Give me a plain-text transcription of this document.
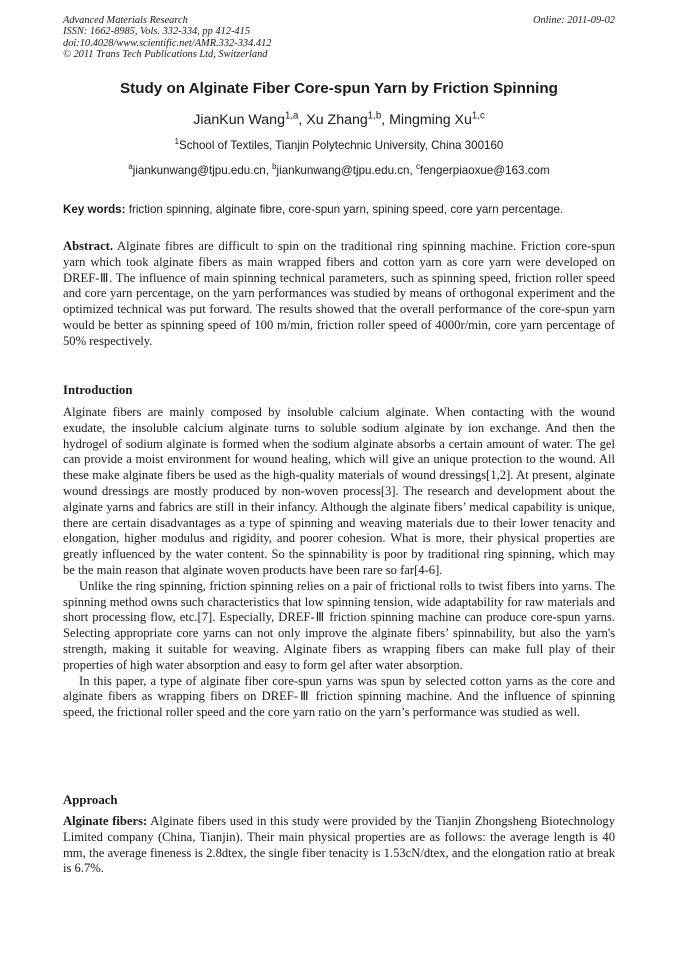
Advanced Materials Research
ISSN: 1662-8985, Vols. 332-334, pp 412-415
doi:10.4028/www.scientific.net/AMR.332-334.412
© 2011 Trans Tech Publications Ltd, Switzerland
Online: 2011-09-02
Study on Alginate Fiber Core-spun Yarn by Friction Spinning
JianKun Wang$^{1,a}$, Xu Zhang$^{1,b}$, Mingming Xu$^{1,c}$
$^1$School of Textiles, Tianjin Polytechnic University, China 300160
$^a$jiankunwang@tjpu.edu.cn, $^b$jiankunwang@tjpu.edu.cn, $^c$fengerpiaoxue@163.com
Key words: friction spinning, alginate fibre, core-spun yarn, spining speed, core yarn percentage.

Abstract. Alginate fibres are difficult to spin on the traditional ring spinning machine. Friction core-spun yarn which took alginate fibers as main wrapped fibers and cotton yarn as core yarn were developed on DREF-Ⅲ. The influence of main spinning technical parameters, such as spinning speed, friction roller speed and core yarn percentage, on the yarn performances was studied by means of orthogonal experiment and the optimized technical was put forward. The results showed that the overall performance of the core-spun yarn would be better as spinning speed of 100 m/min, friction roller speed of 4000r/min, core yarn percentage of 50% respectively.

Introduction

Alginate fibers are mainly composed by insoluble calcium alginate. When contacting with the wound exudate, the insoluble calcium alginate turns to soluble sodium alginate by ion exchange. And then the hydrogel of sodium alginate is formed when the sodium alginate absorbs a certain amount of water. The gel can provide a moist environment for wound healing, which will give an unique protection to the wound. All these make alginate fibers be used as the high-quality materials of wound dressings[1,2]. At present, alginate wound dressings are mostly produced by non-woven process[3]. The research and development about the alginate yarns and fabrics are still in their infancy. Although the alginate fibers’ medical capability is unique, there are certain disadvantages as a type of spinning and weaving materials due to their lower tenacity and elongation, higher modulus and rigidity, and poorer cohesion. What is more, their physical properties are greatly influenced by the water content. So the spinnability is poor by traditional ring spinning, which may be the main reason that alginate woven products have been rare so far[4-6].

Unlike the ring spinning, friction spinning relies on a pair of frictional rolls to twist fibers into yarns. The spinning method owns such characteristics that low spinning tension, wide adaptability for raw materials and short processing flow, etc.[7]. Especially, DREF-Ⅲ friction spinning machine can produce core-spun yarns. Selecting appropriate core yarns can not only improve the alginate fibers’ spinnability, but also the yarn's strength, making it suitable for weaving. Alginate fibers as wrapping fibers can make full play of their properties of high water absorption and easy to form gel after water absorption.

In this paper, a type of alginate fiber core-spun yarns was spun by selected cotton yarns as the core and alginate fibers as wrapping fibers on DREF-Ⅲ friction spinning machine. And the influence of spinning speed, the frictional roller speed and the core yarn ratio on the yarn’s performance was studied as well.

Approach

Alginate fibers: Alginate fibers used in this study were provided by the Tianjin Zhongsheng Biotechnology Limited company (China, Tianjin). Their main physical properties are as follows: the average length is 40 mm, the average fineness is 2.8dtex, the single fiber tenacity is 1.53cN/dtex, and the elongation ratio at break is 6.7%.
